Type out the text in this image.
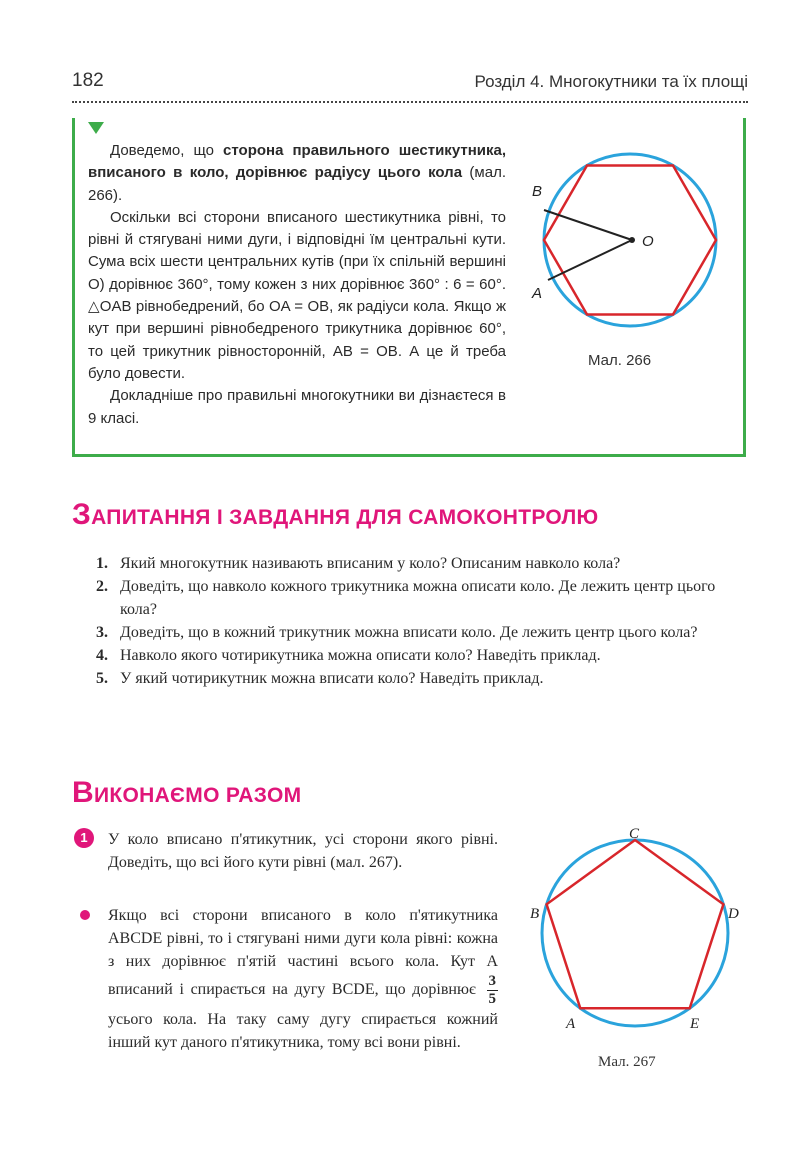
182	Розділ 4. Многокутники та їх площі

Доведемо, що сторона правильного шестикутника, вписаного в коло, дорівнює радіусу цього кола (мал. 266).

Оскільки всі сторони вписаного шестикутника рівні, то рівні й стягувані ними дуги, і відповідні їм центральні кути. Сума всіх шести центральних кутів (при їх спільній вершині O) дорівнює 360°, тому кожен з них дорівнює 360° : 6 = 60°. △OAB рівнобедрений, бо OA = OB, як радіуси кола. Якщо ж кут при вершині рівнобедреного трикутника дорівнює 60°, то цей трикутник рівносторонній, AB = OB. А це й треба було довести.

Докладніше про правильні многокутники ви дізнаєтеся в 9 класі.

B
O
A
Мал. 266
ЗАПИТАННЯ І ЗАВДАННЯ ДЛЯ САМОКОНТРОЛЮ
1. Який многокутник називають вписаним у коло? Описаним навколо кола?
2. Доведіть, що навколо кожного трикутника можна описати коло. Де лежить центр цього кола?
3. Доведіть, що в кожний трикутник можна вписати коло. Де лежить центр цього кола?
4. Навколо якого чотирикутника можна описати коло? Наведіть приклад.
5. У який чотирикутник можна вписати коло? Наведіть приклад.
ВИКОНАЄМО РАЗОМ
1	У коло вписано п'ятикутник, усі сторони якого рівні. Доведіть, що всі його кути рівні (мал. 267).
Якщо всі сторони вписаного в коло п'ятикутника ABCDE рівні, то і стягувані ними дуги кола рівні: кожна з них дорівнює п'ятій частині всього кола. Кут A вписаний і спирається на дугу BCDE, що дорівнює $\frac{3}{5}$
усього кола. На таку саму дугу спирається кожний інший кут даного п'ятикутника, тому всі вони рівні.
C
B	D
A	E
Мал. 267
